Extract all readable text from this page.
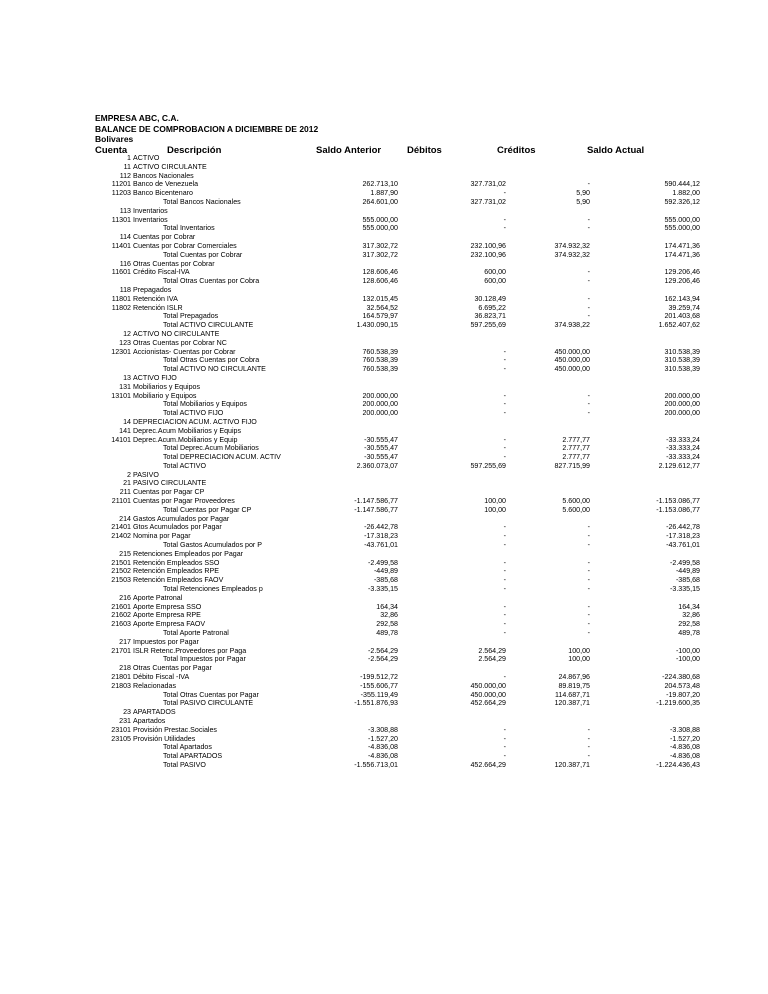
EMPRESA ABC, C.A.
BALANCE DE COMPROBACION A DICIEMBRE DE 2012
Bolivares
Cuenta	Descripción	Saldo Anterior	Débitos	Créditos	Saldo Actual
1 ACTIVO
11 ACTIVO CIRCULANTE
112 Bancos Nacionales
11201 Banco de Venezuela	262.713,10	327.731,02	-	590.444,12
11203 Banco Bicentenaro	1.887,90	-	5,90	1.882,00
Total Bancos Nacionales	264.601,00	327.731,02	5,90	592.326,12
113 Inventarios
11301 Inventarios	555.000,00	-	-	555.000,00
Total Inventarios	555.000,00	-	-	555.000,00
114 Cuentas por Cobrar
11401 Cuentas por Cobrar Comerciales	317.302,72	232.100,96	374.932,32	174.471,36
Total Cuentas por Cobrar	317.302,72	232.100,96	374.932,32	174.471,36
116 Otras Cuentas por Cobrar
11601 Crédito Fiscal-IVA	128.606,46	600,00	-	129.206,46
Total Otras Cuentas por Cobra	128.606,46	600,00	-	129.206,46
118 Prepagados
11801 Retención IVA	132.015,45	30.128,49	-	162.143,94
11802 Retención ISLR	32.564,52	6.695,22	-	39.259,74
Total Prepagados	164.579,97	36.823,71	-	201.403,68
Total ACTIVO CIRCULANTE	1.430.090,15	597.255,69	374.938,22	1.652.407,62
12 ACTIVO NO CIRCULANTE
123 Otras Cuentas por Cobrar NC
12301 Accionistas- Cuentas por Cobrar	760.538,39	-	450.000,00	310.538,39
Total Otras Cuentas por Cobra	760.538,39	-	450.000,00	310.538,39
Total ACTIVO NO CIRCULANTE	760.538,39	-	450.000,00	310.538,39
13 ACTIVO FIJO
131 Mobiliarios y Equipos
13101 Mobiliario y Equipos	200.000,00	-	-	200.000,00
Total Mobiliarios y Equipos	200.000,00	-	-	200.000,00
Total ACTIVO FIJO	200.000,00	-	-	200.000,00
14 DEPRECIACION ACUM. ACTIVO FIJO
141 Deprec.Acum Mobiliarios y Equips
14101 Deprec.Acum.Mobiliarios y Equip	-30.555,47	-	2.777,77	-33.333,24
Total Deprec.Acum Mobiliarios	-30.555,47	-	2.777,77	-33.333,24
Total DEPRECIACION ACUM. ACTIV	-30.555,47	-	2.777,77	-33.333,24
Total ACTIVO	2.360.073,07	597.255,69	827.715,99	2.129.612,77
2 PASIVO
21 PASIVO CIRCULANTE
211 Cuentas por Pagar CP
21101 Cuentas por Pagar Proveedores	-1.147.586,77	100,00	5.600,00	-1.153.086,77
Total Cuentas por Pagar CP	-1.147.586,77	100,00	5.600,00	-1.153.086,77
214 Gastos Acumulados por Pagar
21401 Gtos Acumulados por Pagar	-26.442,78	-	-	-26.442,78
21402 Nomina por Pagar	-17.318,23	-	-	-17.318,23
Total Gastos Acumulados por P	-43.761,01	-	-	-43.761,01
215 Retenciones Empleados por Pagar
21501 Retención Empleados SSO	-2.499,58	-	-	-2.499,58
21502 Retención Empleados RPE	-449,89	-	-	-449,89
21503 Retención Empleados FAOV	-385,68	-	-	-385,68
Total Retenciones Empleados p	-3.335,15	-	-	-3.335,15
216 Aporte Patronal
21601 Aporte Empresa SSO	164,34	-	-	164,34
21602 Aporte Empresa RPE	32,86	-	-	32,86
21603 Aporte Empresa FAOV	292,58	-	-	292,58
Total Aporte Patronal	489,78	-	-	489,78
217 Impuestos por Pagar
21701 ISLR Retenc.Proveedores por Paga	-2.564,29	2.564,29	100,00	-100,00
Total Impuestos por Pagar	-2.564,29	2.564,29	100,00	-100,00
218 Otras Cuentas por Pagar
21801 Débito Fiscal -IVA	-199.512,72	-	24.867,96	-224.380,68
21803 Relacionadas	-155.606,77	450.000,00	89.819,75	204.573,48
Total Otras Cuentas por Pagar	-355.119,49	450.000,00	114.687,71	-19.807,20
Total PASIVO CIRCULANTE	-1.551.876,93	452.664,29	120.387,71	-1.219.600,35
23 APARTADOS
231 Apartados
23101 Provisión Prestac.Sociales	-3.308,88	-	-	-3.308,88
23105 Provisión Utilidades	-1.527,20	-	-	-1.527,20
Total Apartados	-4.836,08	-	-	-4.836,08
Total APARTADOS	-4.836,08	-	-	-4.836,08
Total PASIVO	-1.556.713,01	452.664,29	120.387,71	-1.224.436,43
